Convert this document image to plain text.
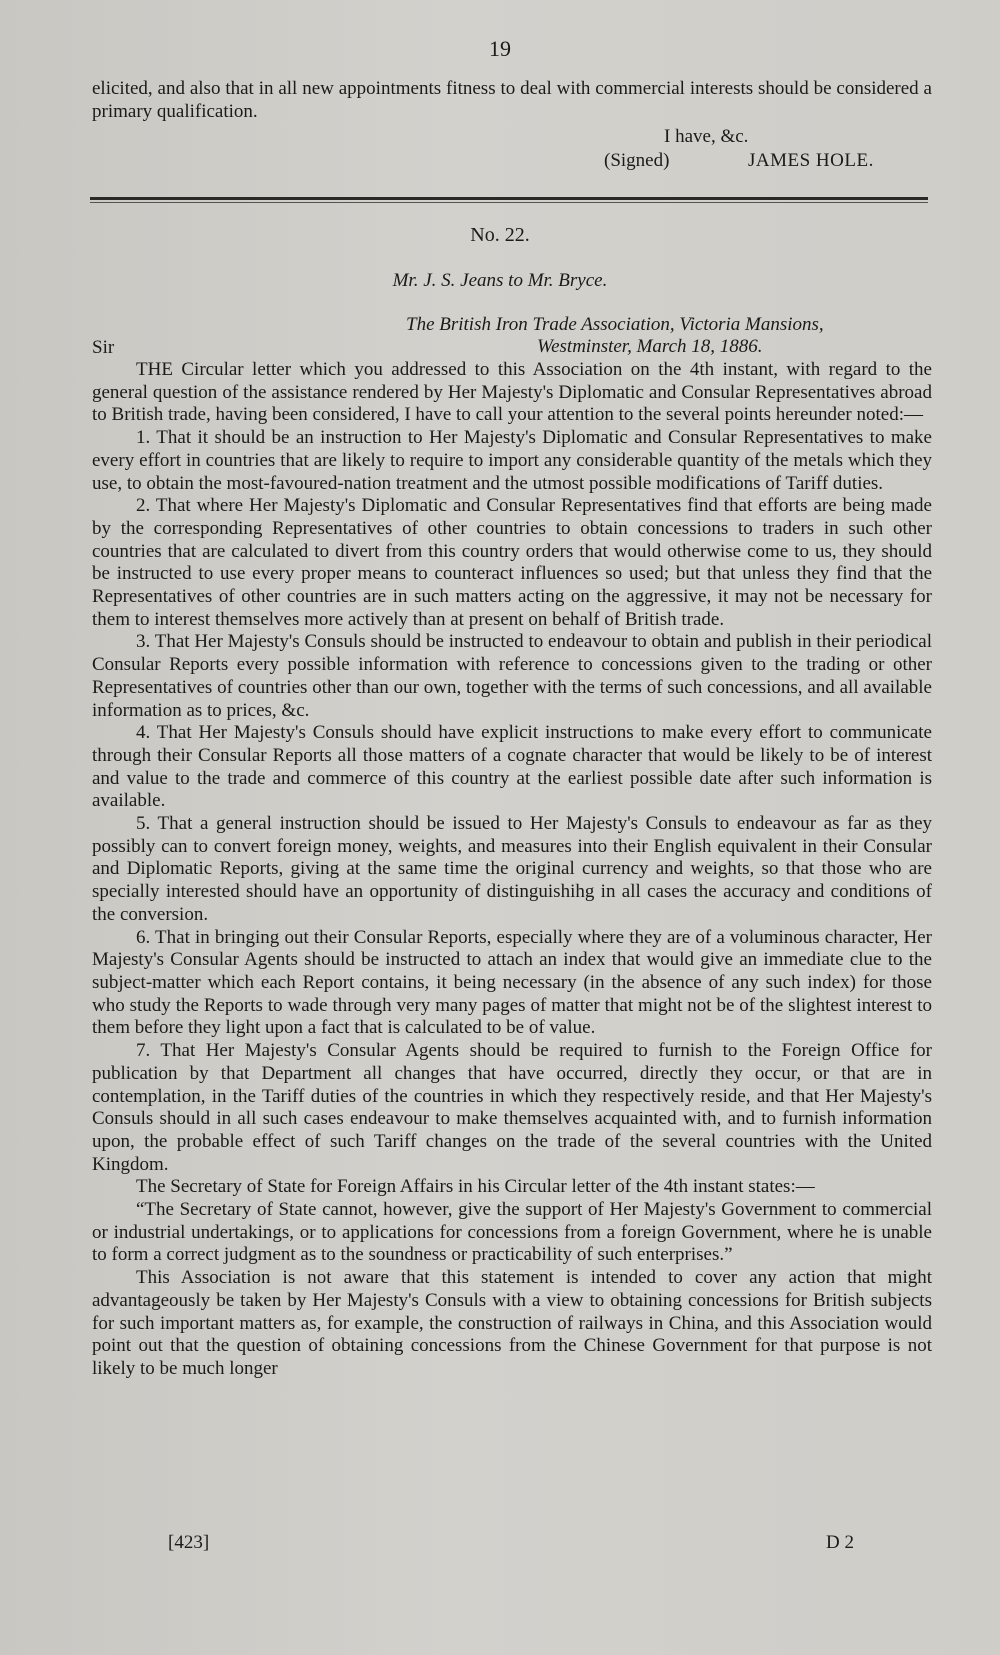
19

elicited, and also that in all new appointments fitness to deal with commercial interests should be considered a primary qualification.

I have, &c.
(Signed)	JAMES HOLE.
No. 22.
Mr. J. S. Jeans to Mr. Bryce.
The British Iron Trade Association, Victoria Mansions,
Westminster, March 18, 1886.
Sir

THE Circular letter which you addressed to this Association on the 4th instant, with regard to the general question of the assistance rendered by Her Majesty's Diplomatic and Consular Representatives abroad to British trade, having been considered, I have to call your attention to the several points hereunder noted:—

1. That it should be an instruction to Her Majesty's Diplomatic and Consular Representatives to make every effort in countries that are likely to require to import any considerable quantity of the metals which they use, to obtain the most-favoured-nation treatment and the utmost possible modifications of Tariff duties.

2. That where Her Majesty's Diplomatic and Consular Representatives find that efforts are being made by the corresponding Representatives of other countries to obtain concessions to traders in such other countries that are calculated to divert from this country orders that would otherwise come to us, they should be instructed to use every proper means to counteract influences so used; but that unless they find that the Representatives of other countries are in such matters acting on the aggressive, it may not be necessary for them to interest themselves more actively than at present on behalf of British trade.

3. That Her Majesty's Consuls should be instructed to endeavour to obtain and publish in their periodical Consular Reports every possible information with reference to concessions given to the trading or other Representatives of countries other than our own, together with the terms of such concessions, and all available information as to prices, &c.

4. That Her Majesty's Consuls should have explicit instructions to make every effort to communicate through their Consular Reports all those matters of a cognate character that would be likely to be of interest and value to the trade and commerce of this country at the earliest possible date after such information is available.

5. That a general instruction should be issued to Her Majesty's Consuls to endeavour as far as they possibly can to convert foreign money, weights, and measures into their English equivalent in their Consular and Diplomatic Reports, giving at the same time the original currency and weights, so that those who are specially interested should have an opportunity of distinguishihg in all cases the accuracy and conditions of the conversion.

6. That in bringing out their Consular Reports, especially where they are of a voluminous character, Her Majesty's Consular Agents should be instructed to attach an index that would give an immediate clue to the subject-matter which each Report contains, it being necessary (in the absence of any such index) for those who study the Reports to wade through very many pages of matter that might not be of the slightest interest to them before they light upon a fact that is calculated to be of value.

7. That Her Majesty's Consular Agents should be required to furnish to the Foreign Office for publication by that Department all changes that have occurred, directly they occur, or that are in contemplation, in the Tariff duties of the countries in which they respectively reside, and that Her Majesty's Consuls should in all such cases endeavour to make themselves acquainted with, and to furnish information upon, the probable effect of such Tariff changes on the trade of the several countries with the United Kingdom.

The Secretary of State for Foreign Affairs in his Circular letter of the 4th instant states:—

“The Secretary of State cannot, however, give the support of Her Majesty's Government to commercial or industrial undertakings, or to applications for concessions from a foreign Government, where he is unable to form a correct judgment as to the soundness or practicability of such enterprises.”

This Association is not aware that this statement is intended to cover any action that might advantageously be taken by Her Majesty's Consuls with a view to obtaining concessions for British subjects for such important matters as, for example, the construction of railways in China, and this Association would point out that the question of obtaining concessions from the Chinese Government for that purpose is not likely to be much longer

[423]	D 2
